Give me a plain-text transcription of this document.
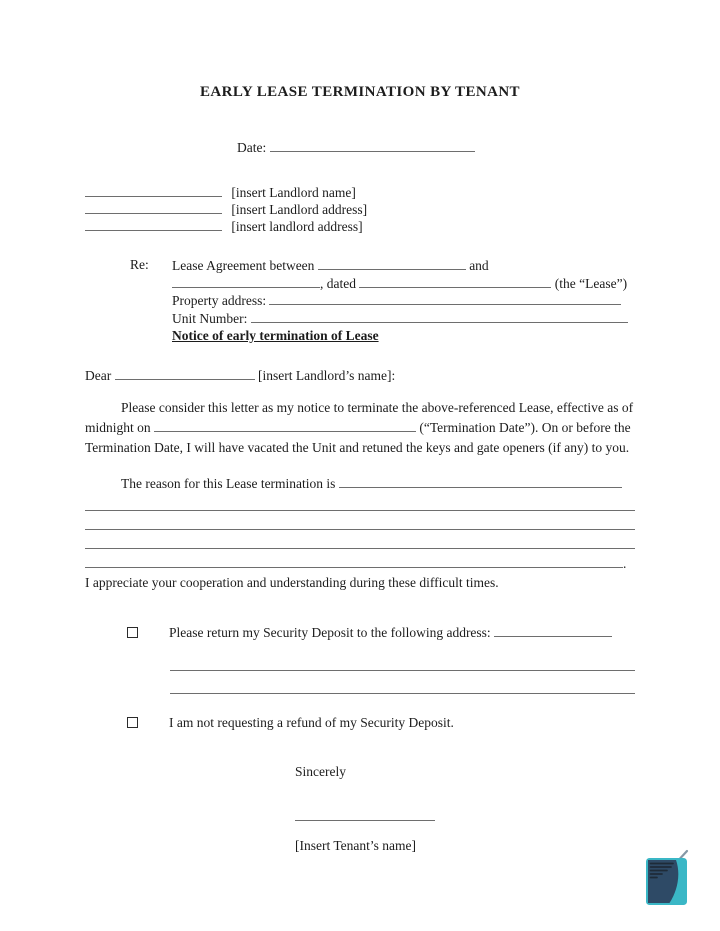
EARLY LEASE TERMINATION BY TENANT
Date:
[insert Landlord name]
[insert Landlord address]
[insert landlord address]
Re:	Lease Agreement between	and
, dated	(the “Lease”)
Property address:
Unit Number:
Notice of early termination of Lease
Dear	[insert Landlord’s name]:
Please consider this letter as my notice to terminate the above-referenced Lease, effective as of midnight on	(“Termination Date”). On or before the Termination Date, I will have vacated the Unit and retuned the keys and gate openers (if any) to you.
The reason for this Lease termination is
.
I appreciate your cooperation and understanding during these difficult times.
Please return my Security Deposit to the following address:
I am not requesting a refund of my Security Deposit.
Sincerely
[Insert Tenant’s name]
